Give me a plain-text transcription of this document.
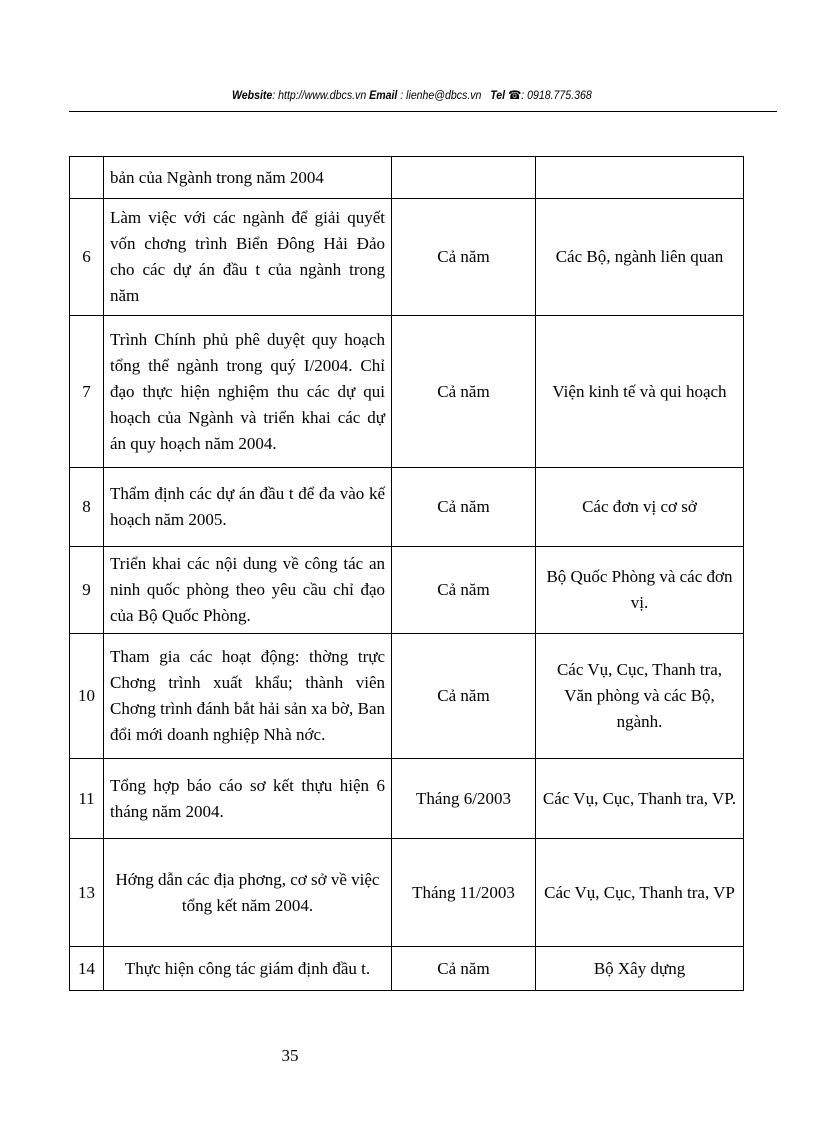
Website: http://www.dbcs.vn Email : lienhe@dbcs.vn Tel ☎: 0918.775.368
	bản của Ngành trong năm 2004		
6	Làm việc với các ngành để giải quyết vốn chơng trình Biển Đông Hải Đảo cho các dự án đầu t của ngành trong năm	Cả năm	Các Bộ, ngành liên quan
7	Trình Chính phủ phê duyệt quy hoạch tổng thể ngành trong quý I/2004. Chỉ đạo thực hiện nghiệm thu các dự qui hoạch của Ngành và triển khai các dự án quy hoạch năm 2004.	Cả năm	Viện kinh tế và qui hoạch
8	Thẩm định các dự án đầu t để đa vào kế hoạch năm 2005.	Cả năm	Các đơn vị cơ sở
9	Triển khai các nội dung về công tác an ninh quốc phòng theo yêu cầu chỉ đạo của Bộ Quốc Phòng.	Cả năm	Bộ Quốc Phòng và các đơn vị.
10	Tham gia các hoạt động: thờng trực Chơng trình xuất khẩu; thành viên Chơng trình đánh bắt hải sản xa bờ, Ban đổi mới doanh nghiệp Nhà nớc.	Cả năm	Các Vụ, Cục, Thanh tra, Văn phòng và các Bộ, ngành.
11	Tổng hợp báo cáo sơ kết thựu hiện 6 tháng năm 2004.	Tháng 6/2003	Các Vụ, Cục, Thanh tra, VP.
13	Hớng dẫn các địa phơng, cơ sở về việc tổng kết năm 2004.	Tháng 11/2003	Các Vụ, Cục, Thanh tra, VP
14	Thực hiện công tác giám định đầu t.	Cả năm	Bộ Xây dựng
35
